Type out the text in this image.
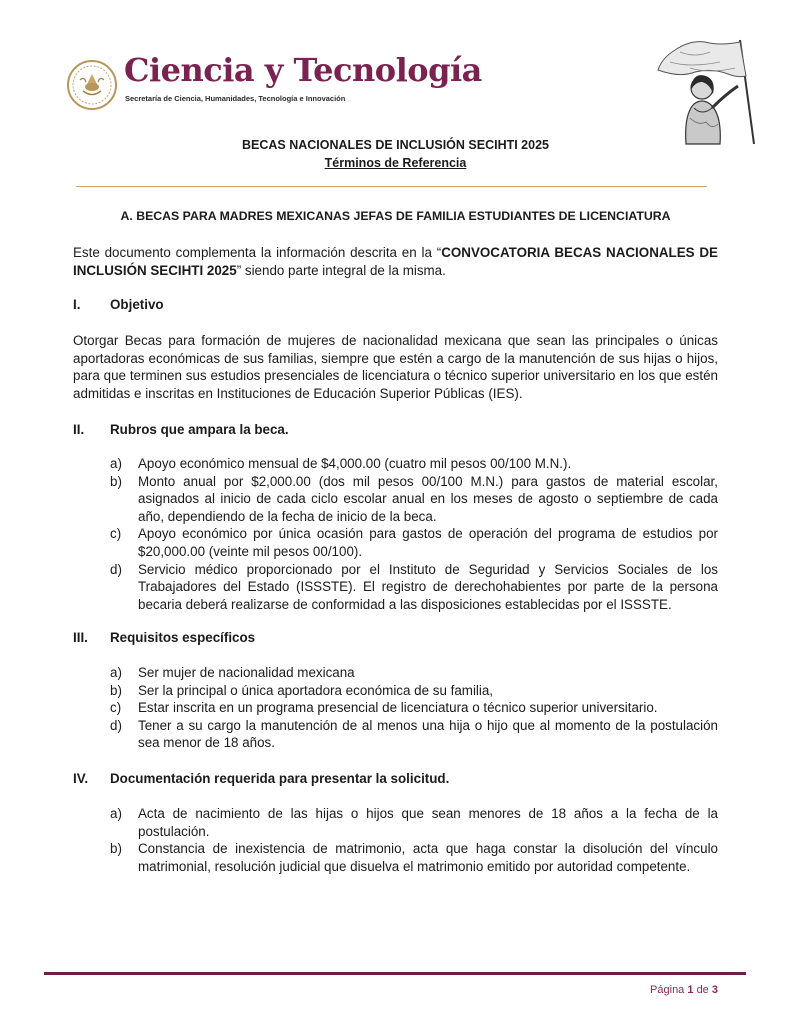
Ciencia y Tecnología
Secretaría de Ciencia, Humanidades, Tecnología e Innovación
BECAS NACIONALES DE INCLUSIÓN SECIHTI 2025
Términos de Referencia
A. BECAS PARA MADRES MEXICANAS JEFAS DE FAMILIA ESTUDIANTES DE LICENCIATURA

Este documento complementa la información descrita en la “CONVOCATORIA BECAS NACIONALES DE INCLUSIÓN SECIHTI 2025” siendo parte integral de la misma.

I. Objetivo

Otorgar Becas para formación de mujeres de nacionalidad mexicana que sean las principales o únicas aportadoras económicas de sus familias, siempre que estén a cargo de la manutención de sus hijas o hijos, para que terminen sus estudios presenciales de licenciatura o técnico superior universitario en los que estén admitidas e inscritas en Instituciones de Educación Superior Públicas (IES).

II. Rubros que ampara la beca.
a) Apoyo económico mensual de $4,000.00 (cuatro mil pesos 00/100 M.N.).
b) Monto anual por $2,000.00 (dos mil pesos 00/100 M.N.) para gastos de material escolar, asignados al inicio de cada ciclo escolar anual en los meses de agosto o septiembre de cada año, dependiendo de la fecha de inicio de la beca.
c) Apoyo económico por única ocasión para gastos de operación del programa de estudios por $20,000.00 (veinte mil pesos 00/100).
d) Servicio médico proporcionado por el Instituto de Seguridad y Servicios Sociales de los Trabajadores del Estado (ISSSTE). El registro de derechohabientes por parte de la persona becaria deberá realizarse de conformidad a las disposiciones establecidas por el ISSSTE.
III. Requisitos específicos
a) Ser mujer de nacionalidad mexicana
b) Ser la principal o única aportadora económica de su familia,
c) Estar inscrita en un programa presencial de licenciatura o técnico superior universitario.
d) Tener a su cargo la manutención de al menos una hija o hijo que al momento de la postulación sea menor de 18 años.
IV. Documentación requerida para presentar la solicitud.
a) Acta de nacimiento de las hijas o hijos que sean menores de 18 años a la fecha de la postulación.
b) Constancia de inexistencia de matrimonio, acta que haga constar la disolución del vínculo matrimonial, resolución judicial que disuelva el matrimonio emitido por autoridad competente.
Página 1 de 3
